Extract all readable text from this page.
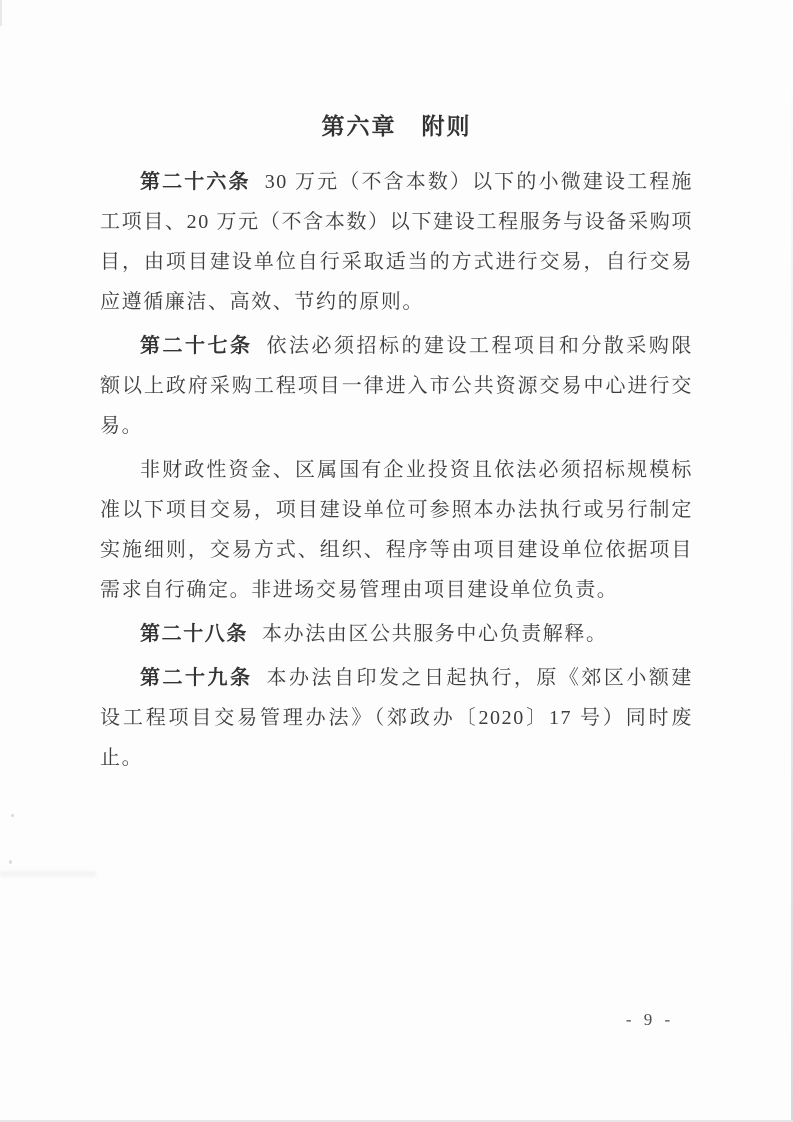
第六章　附则

第二十六条 30 万元（不含本数）以下的小微建设工程施工项目、20 万元（不含本数）以下建设工程服务与设备采购项目，由项目建设单位自行采取适当的方式进行交易，自行交易应遵循廉洁、高效、节约的原则。

第二十七条 依法必须招标的建设工程项目和分散采购限额以上政府采购工程项目一律进入市公共资源交易中心进行交易。

非财政性资金、区属国有企业投资且依法必须招标规模标准以下项目交易，项目建设单位可参照本办法执行或另行制定实施细则，交易方式、组织、程序等由项目建设单位依据项目需求自行确定。非进场交易管理由项目建设单位负责。

第二十八条 本办法由区公共服务中心负责解释。

第二十九条 本办法自印发之日起执行，原《郊区小额建设工程项目交易管理办法》（郊政办〔2020〕17 号）同时废止。

- 9 -
